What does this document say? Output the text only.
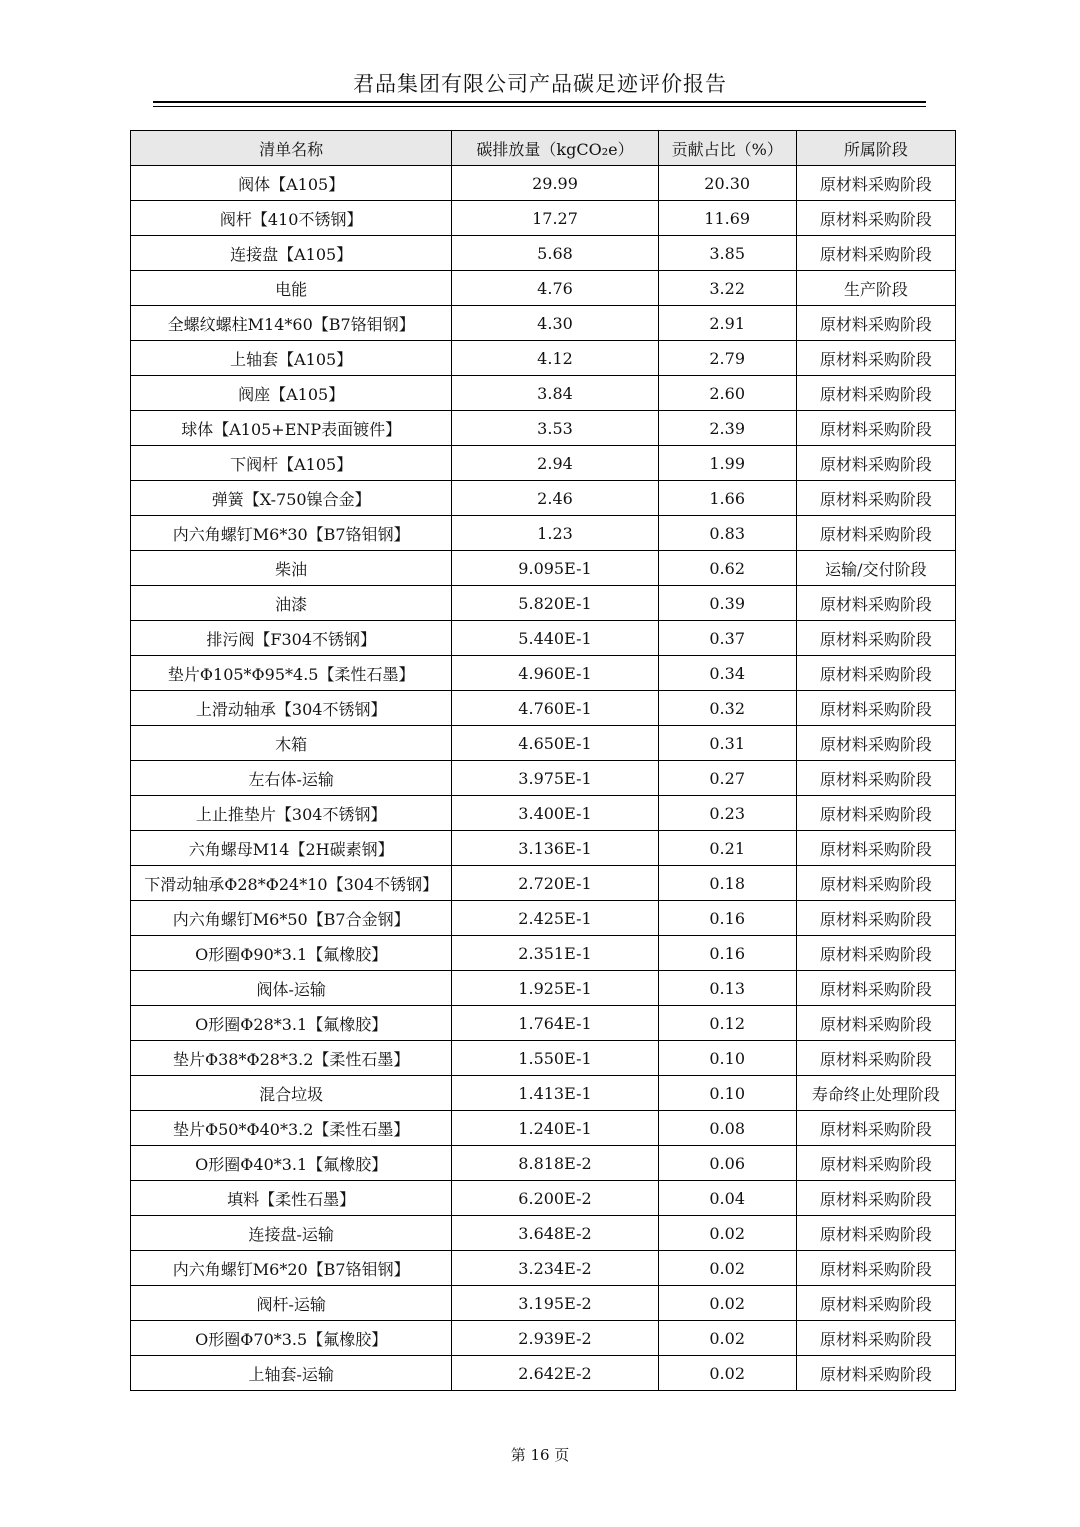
君品集团有限公司产品碳足迹评价报告
清单名称	碳排放量（kgCO₂e）	贡献占比（%）	所属阶段
阀体【A105】	29.99	20.30	原材料采购阶段
阀杆【410不锈钢】	17.27	11.69	原材料采购阶段
连接盘【A105】	5.68	3.85	原材料采购阶段
电能	4.76	3.22	生产阶段
全螺纹螺柱M14*60【B7铬钼钢】	4.30	2.91	原材料采购阶段
上轴套【A105】	4.12	2.79	原材料采购阶段
阀座【A105】	3.84	2.60	原材料采购阶段
球体【A105+ENP表面镀件】	3.53	2.39	原材料采购阶段
下阀杆【A105】	2.94	1.99	原材料采购阶段
弹簧【X-750镍合金】	2.46	1.66	原材料采购阶段
内六角螺钉M6*30【B7铬钼钢】	1.23	0.83	原材料采购阶段
柴油	9.095E-1	0.62	运输/交付阶段
油漆	5.820E-1	0.39	原材料采购阶段
排污阀【F304不锈钢】	5.440E-1	0.37	原材料采购阶段
垫片Φ105*Φ95*4.5【柔性石墨】	4.960E-1	0.34	原材料采购阶段
上滑动轴承【304不锈钢】	4.760E-1	0.32	原材料采购阶段
木箱	4.650E-1	0.31	原材料采购阶段
左右体-运输	3.975E-1	0.27	原材料采购阶段
上止推垫片【304不锈钢】	3.400E-1	0.23	原材料采购阶段
六角螺母M14【2H碳素钢】	3.136E-1	0.21	原材料采购阶段
下滑动轴承Φ28*Φ24*10【304不锈钢】	2.720E-1	0.18	原材料采购阶段
内六角螺钉M6*50【B7合金钢】	2.425E-1	0.16	原材料采购阶段
O形圈Φ90*3.1【氟橡胶】	2.351E-1	0.16	原材料采购阶段
阀体-运输	1.925E-1	0.13	原材料采购阶段
O形圈Φ28*3.1【氟橡胶】	1.764E-1	0.12	原材料采购阶段
垫片Φ38*Φ28*3.2【柔性石墨】	1.550E-1	0.10	原材料采购阶段
混合垃圾	1.413E-1	0.10	寿命终止处理阶段
垫片Φ50*Φ40*3.2【柔性石墨】	1.240E-1	0.08	原材料采购阶段
O形圈Φ40*3.1【氟橡胶】	8.818E-2	0.06	原材料采购阶段
填料【柔性石墨】	6.200E-2	0.04	原材料采购阶段
连接盘-运输	3.648E-2	0.02	原材料采购阶段
内六角螺钉M6*20【B7铬钼钢】	3.234E-2	0.02	原材料采购阶段
阀杆-运输	3.195E-2	0.02	原材料采购阶段
O形圈Φ70*3.5【氟橡胶】	2.939E-2	0.02	原材料采购阶段
上轴套-运输	2.642E-2	0.02	原材料采购阶段
第 16 页
